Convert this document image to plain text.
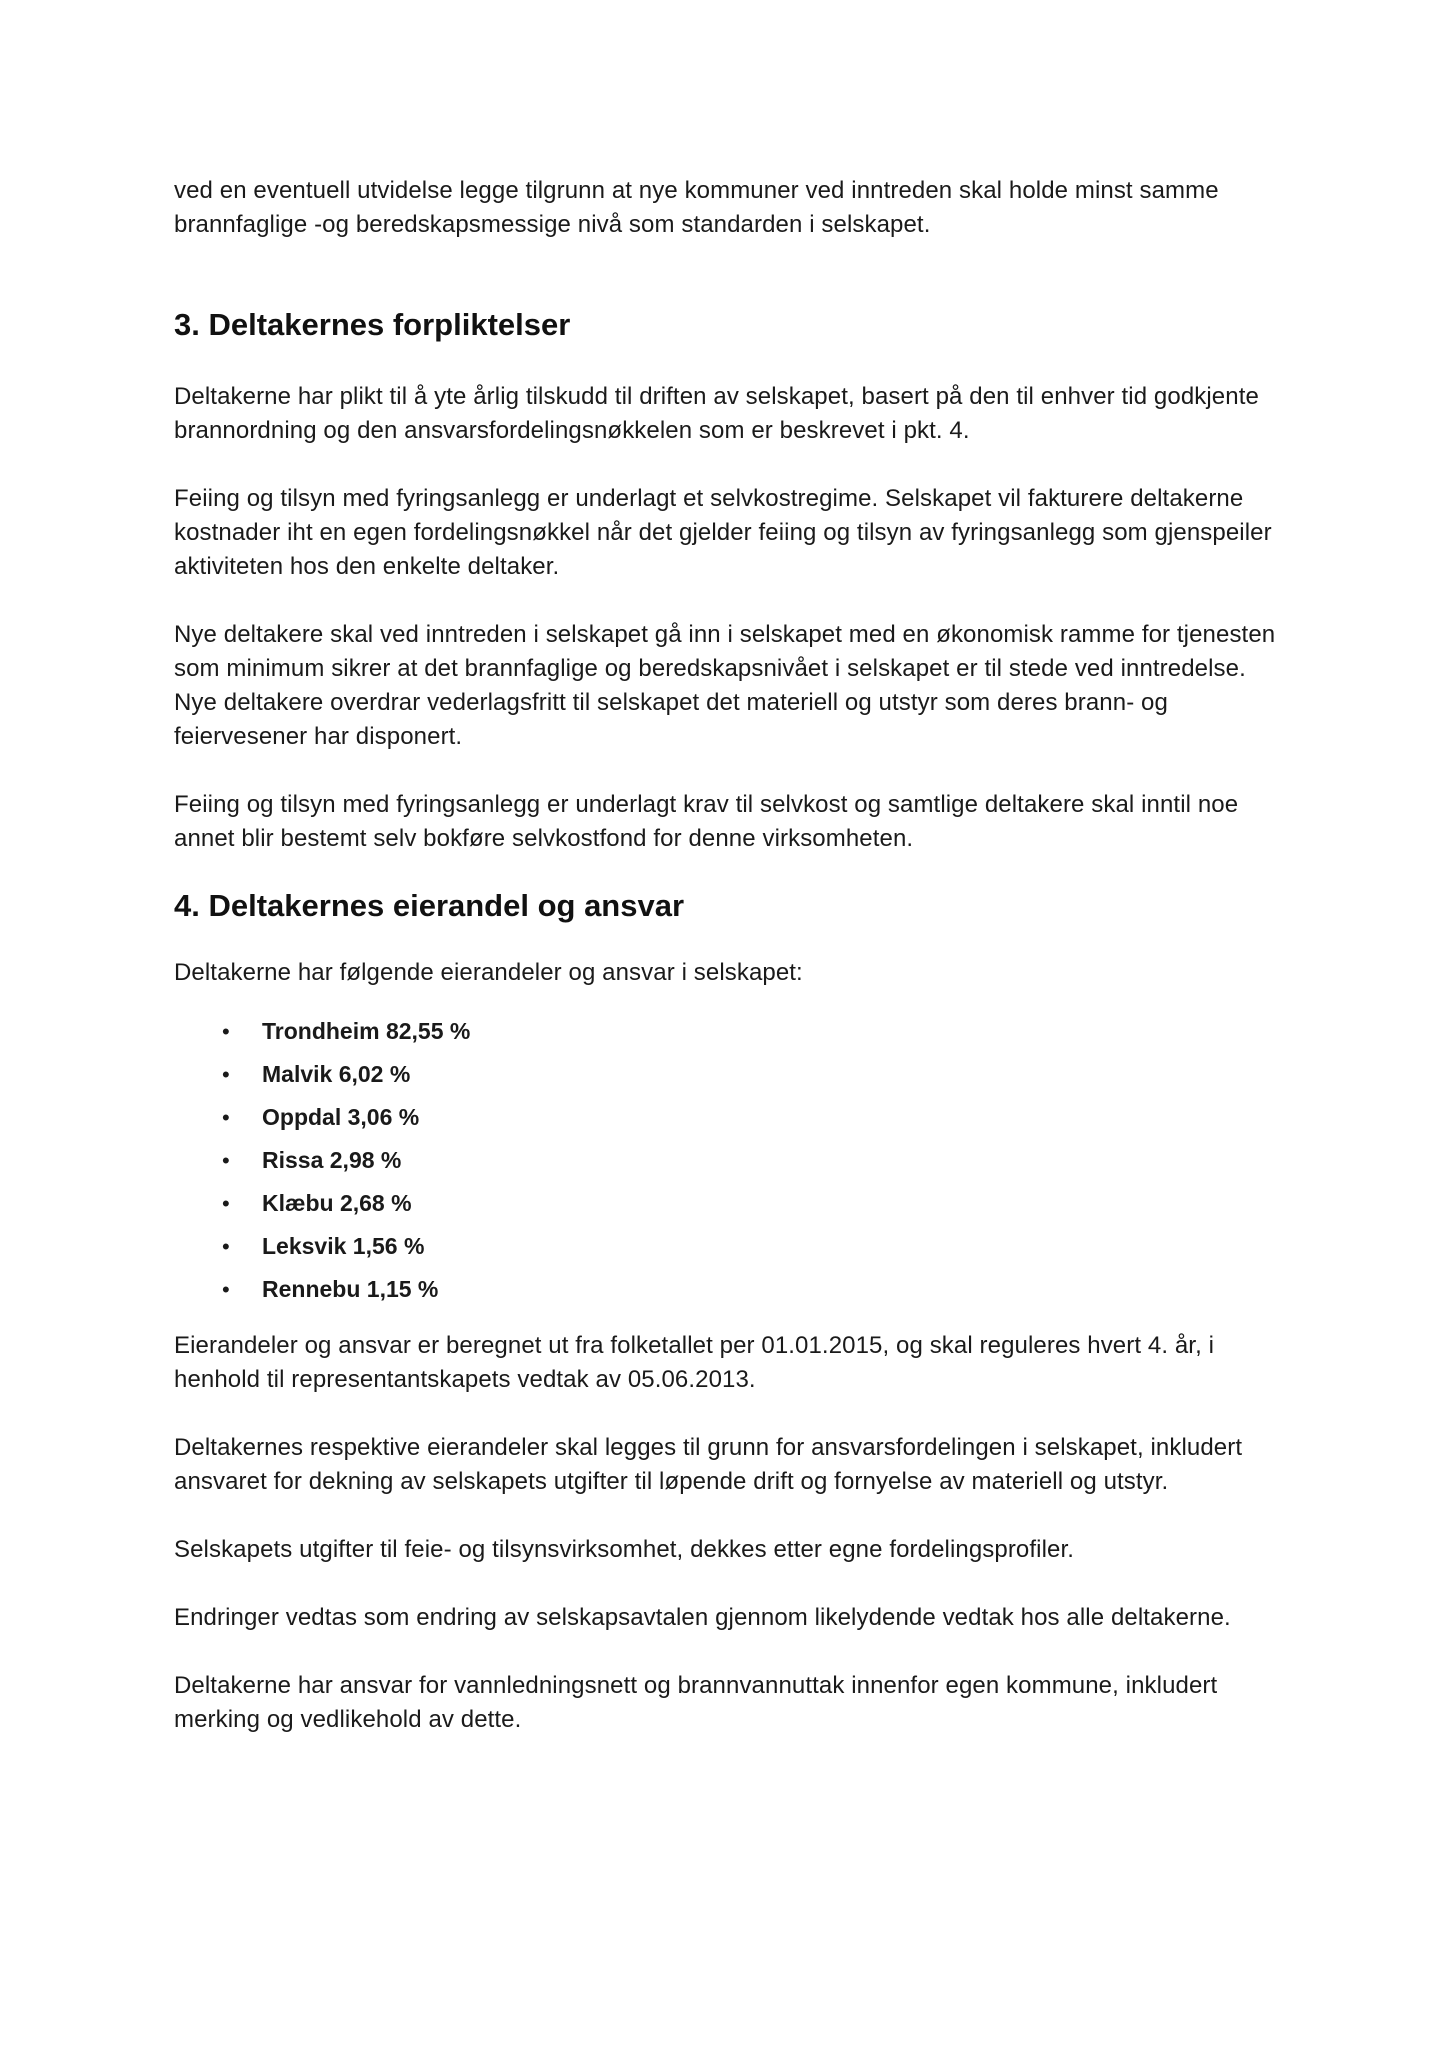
ved en eventuell utvidelse legge tilgrunn at nye kommuner ved inntreden skal holde minst samme brannfaglige -og beredskapsmessige nivå som standarden i selskapet.

3. Deltakernes forpliktelser

Deltakerne har plikt til å yte årlig tilskudd til driften av selskapet, basert på den til enhver tid godkjente brannordning og den ansvarsfordelingsnøkkelen som er beskrevet i pkt. 4.

Feiing og tilsyn med fyringsanlegg er underlagt et selvkostregime. Selskapet vil fakturere deltakerne kostnader iht en egen fordelingsnøkkel når det gjelder feiing og tilsyn av fyringsanlegg som gjenspeiler aktiviteten hos den enkelte deltaker.

Nye deltakere skal ved inntreden i selskapet gå inn i selskapet med en økonomisk ramme for tjenesten som minimum sikrer at det brannfaglige og beredskapsnivået i selskapet er til stede ved inntredelse. Nye deltakere overdrar vederlagsfritt til selskapet det materiell og utstyr som deres brann- og feiervesener har disponert.

Feiing og tilsyn med fyringsanlegg er underlagt krav til selvkost og samtlige deltakere skal inntil noe annet blir bestemt selv bokføre selvkostfond for denne virksomheten.

4. Deltakernes eierandel og ansvar

Deltakerne har følgende eierandeler og ansvar i selskapet:

• Trondheim 82,55 %
• Malvik 6,02 %
• Oppdal 3,06 %
• Rissa 2,98 %
• Klæbu 2,68 %
• Leksvik 1,56 %
• Rennebu 1,15 %

Eierandeler og ansvar er beregnet ut fra folketallet per 01.01.2015, og skal reguleres hvert 4. år, i henhold til representantskapets vedtak av 05.06.2013.

Deltakernes respektive eierandeler skal legges til grunn for ansvarsfordelingen i selskapet, inkludert ansvaret for dekning av selskapets utgifter til løpende drift og fornyelse av materiell og utstyr.

Selskapets utgifter til feie- og tilsynsvirksomhet, dekkes etter egne fordelingsprofiler.

Endringer vedtas som endring av selskapsavtalen gjennom likelydende vedtak hos alle deltakerne.

Deltakerne har ansvar for vannledningsnett og brannvannuttak innenfor egen kommune, inkludert merking og vedlikehold av dette.
